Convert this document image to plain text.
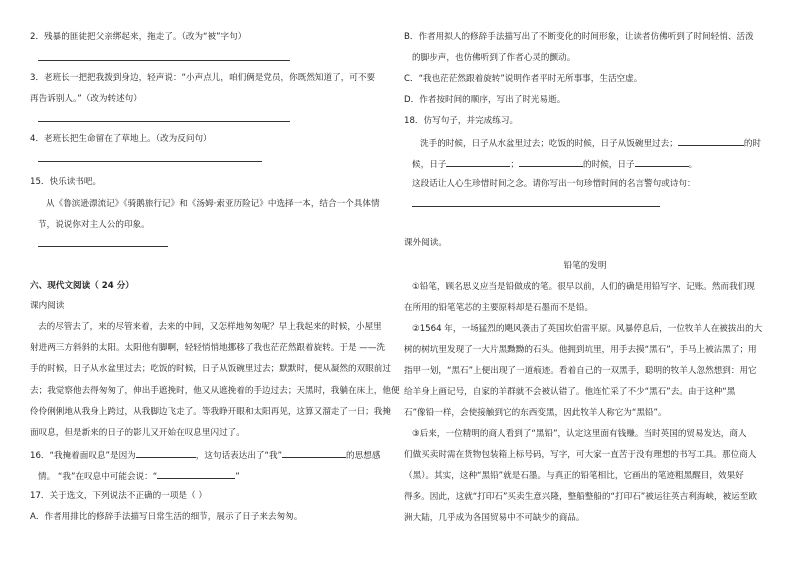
2．残暴的匪徒把父亲绑起来，拖走了。（改为“被”字句）
3．老班长一把把我拨到身边，轻声说：“小声点儿，咱们俩是党员，你既然知道了，可不要
再告诉别人。”（改为转述句）
4．老班长把生命留在了草地上。（改为反问句）
15．快乐读书吧。
从《鲁滨逊漂流记》《骑鹅旅行记》和《汤姆·索亚历险记》中选择一本，结合一个具体情
节，说说你对主人公的印象。
六、现代文阅读（ 24 分）
课内阅读
去的尽管去了，来的尽管来着，去来的中间，又怎样地匆匆呢？早上我起来的时候，小屋里
射进两三方斜斜的太阳。太阳他有脚啊，轻轻悄悄地挪移了我也茫茫然跟着旋转。于是 ——洗
手的时候，日子从水盆里过去；吃饭的时候，日子从饭碗里过去；默默时，便从凝然的双眼前过
去；我觉察他去得匆匆了，伸出手遮挽时，他又从遮挽着的手边过去；天黑时，我躺在床上，他便
伶伶俐俐地从我身上跨过，从我脚边飞走了。等我睁开眼和太阳再见，这算又溜走了一日；我掩
面叹息，但是新来的日子的影儿又开始在叹息里闪过了。
16．“我掩着面叹息”是因为	，这句话表达出了“我”	的思想感
情。 “我”在叹息中可能会说：“	”
17．关于选文，下列说法不正确的一项是（ ）
A．作者用排比的修辞手法描写日常生活的细节，展示了日子来去匆匆。
B．作者用拟人的修辞手法描写出了不断变化的时间形象，让读者仿佛听到了时间轻悄、活泼
的脚步声，也仿佛听到了作者心灵的颤动。
C．“我也茫茫然跟着旋转”说明作者平时无所事事，生活空虚。
D．作者按时间的顺序，写出了时光易逝。
18．仿写句子，并完成练习。
洗手的时候，日子从水盆里过去；吃饭的时候，日子从饭碗里过去；	的时
候，日子	；	的时候，日子	。
这段话让人心生珍惜时间之念。请你写出一句珍惜时间的名言警句或诗句：
课外阅读。
铅笔的发明
①铅笔，顾名思义应当是铅做成的笔。很早以前，人们的确是用铅写字、记账。然而我们现
在所用的铅笔笔芯的主要原料却是石墨而不是铅。
②1564 年，一场猛烈的飓风袭击了英国坎伯雷平原。风暴停息后，一位牧羊人在被拔出的大
树的树坑里发现了一大片黑黝黝的石头。他拥到坑里，用手去摸“黑石”，手马上被沾黑了；用
指甲一划，“黑石”上便出现了一道痕迹。看着自己的一双黑手，聪明的牧羊人忽然想到：用它
给羊身上画记号，自家的羊群就不会被认错了。他连忙采了不少“黑石”去。由于这种“黑
石”像铅一样，会使接触到它的东西变黑，因此牧羊人称它为“黑铅”。
③后来，一位精明的商人看到了“黑铅”，认定这里面有钱赚。当时英国的贸易发达，商人
们做买卖时需在货物包装箱上标号码，写字，可大家一直苦于没有理想的书写工具。那位商人
（黑）。其实，这种“黑铅”就是石墨。与真正的铅笔相比，它画出的笔迹粗黑醒目，效果好
得多。因此，这就“打印石”买卖生意兴隆，整船整船的“打印石”被运往英吉利海峡，被运至欧
洲大陆，几乎成为各国贸易中不可缺少的商品。
